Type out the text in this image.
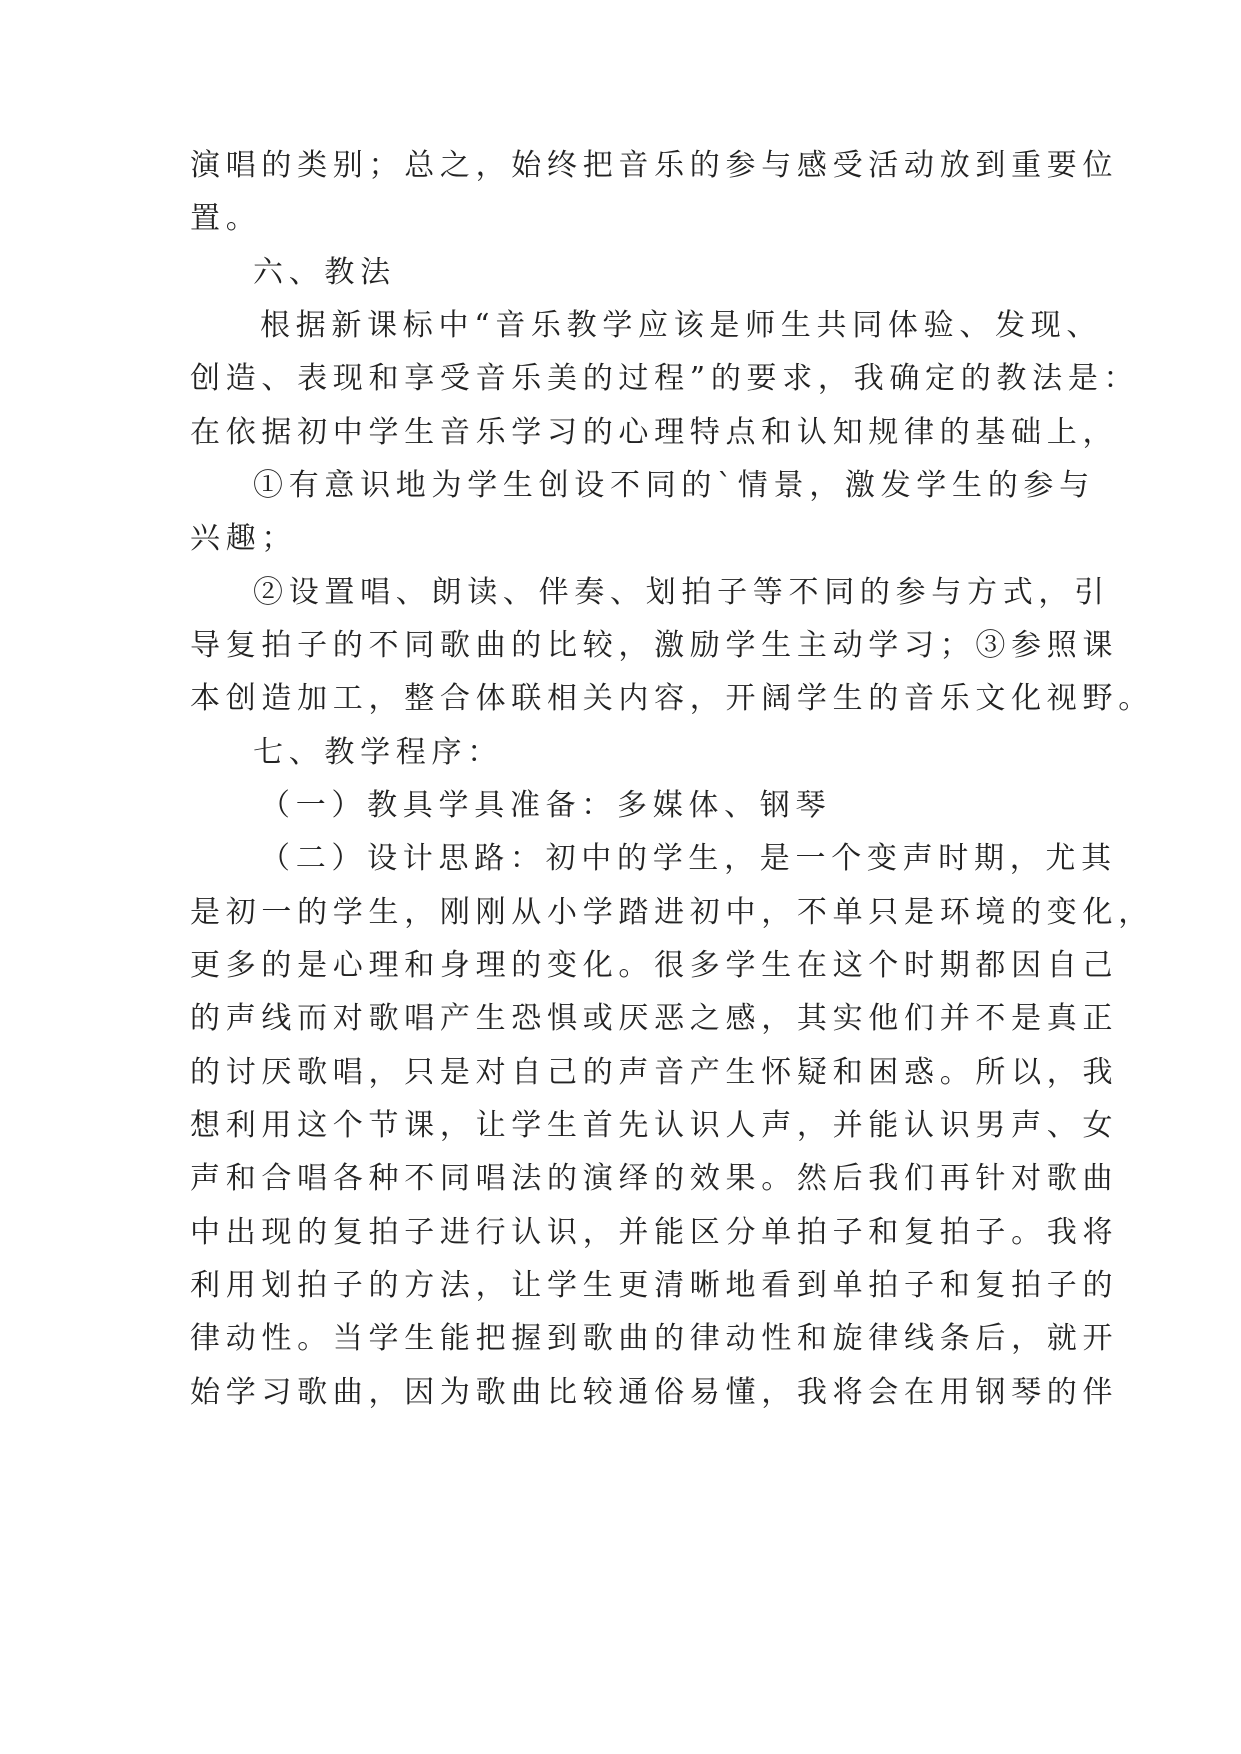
演唱的类别；总之，始终把音乐的参与感受活动放到重要位

置。

六、教法

根据新课标中“音乐教学应该是师生共同体验、发现、

创造、表现和享受音乐美的过程”的要求，我确定的教法是：

在依据初中学生音乐学习的心理特点和认知规律的基础上，

①有意识地为学生创设不同的`情景，激发学生的参与

兴趣；

②设置唱、朗读、伴奏、划拍子等不同的参与方式，引

导复拍子的不同歌曲的比较，激励学生主动学习；③参照课

本创造加工，整合体联相关内容，开阔学生的音乐文化视野。

七、教学程序：

（一）教具学具准备：多媒体、钢琴

（二）设计思路：初中的学生，是一个变声时期，尤其

是初一的学生，刚刚从小学踏进初中，不单只是环境的变化，

更多的是心理和身理的变化。很多学生在这个时期都因自己

的声线而对歌唱产生恐惧或厌恶之感，其实他们并不是真正

的讨厌歌唱，只是对自己的声音产生怀疑和困惑。所以，我

想利用这个节课，让学生首先认识人声，并能认识男声、女

声和合唱各种不同唱法的演绎的效果。然后我们再针对歌曲

中出现的复拍子进行认识，并能区分单拍子和复拍子。我将

利用划拍子的方法，让学生更清晰地看到单拍子和复拍子的

律动性。当学生能把握到歌曲的律动性和旋律线条后，就开

始学习歌曲，因为歌曲比较通俗易懂，我将会在用钢琴的伴
